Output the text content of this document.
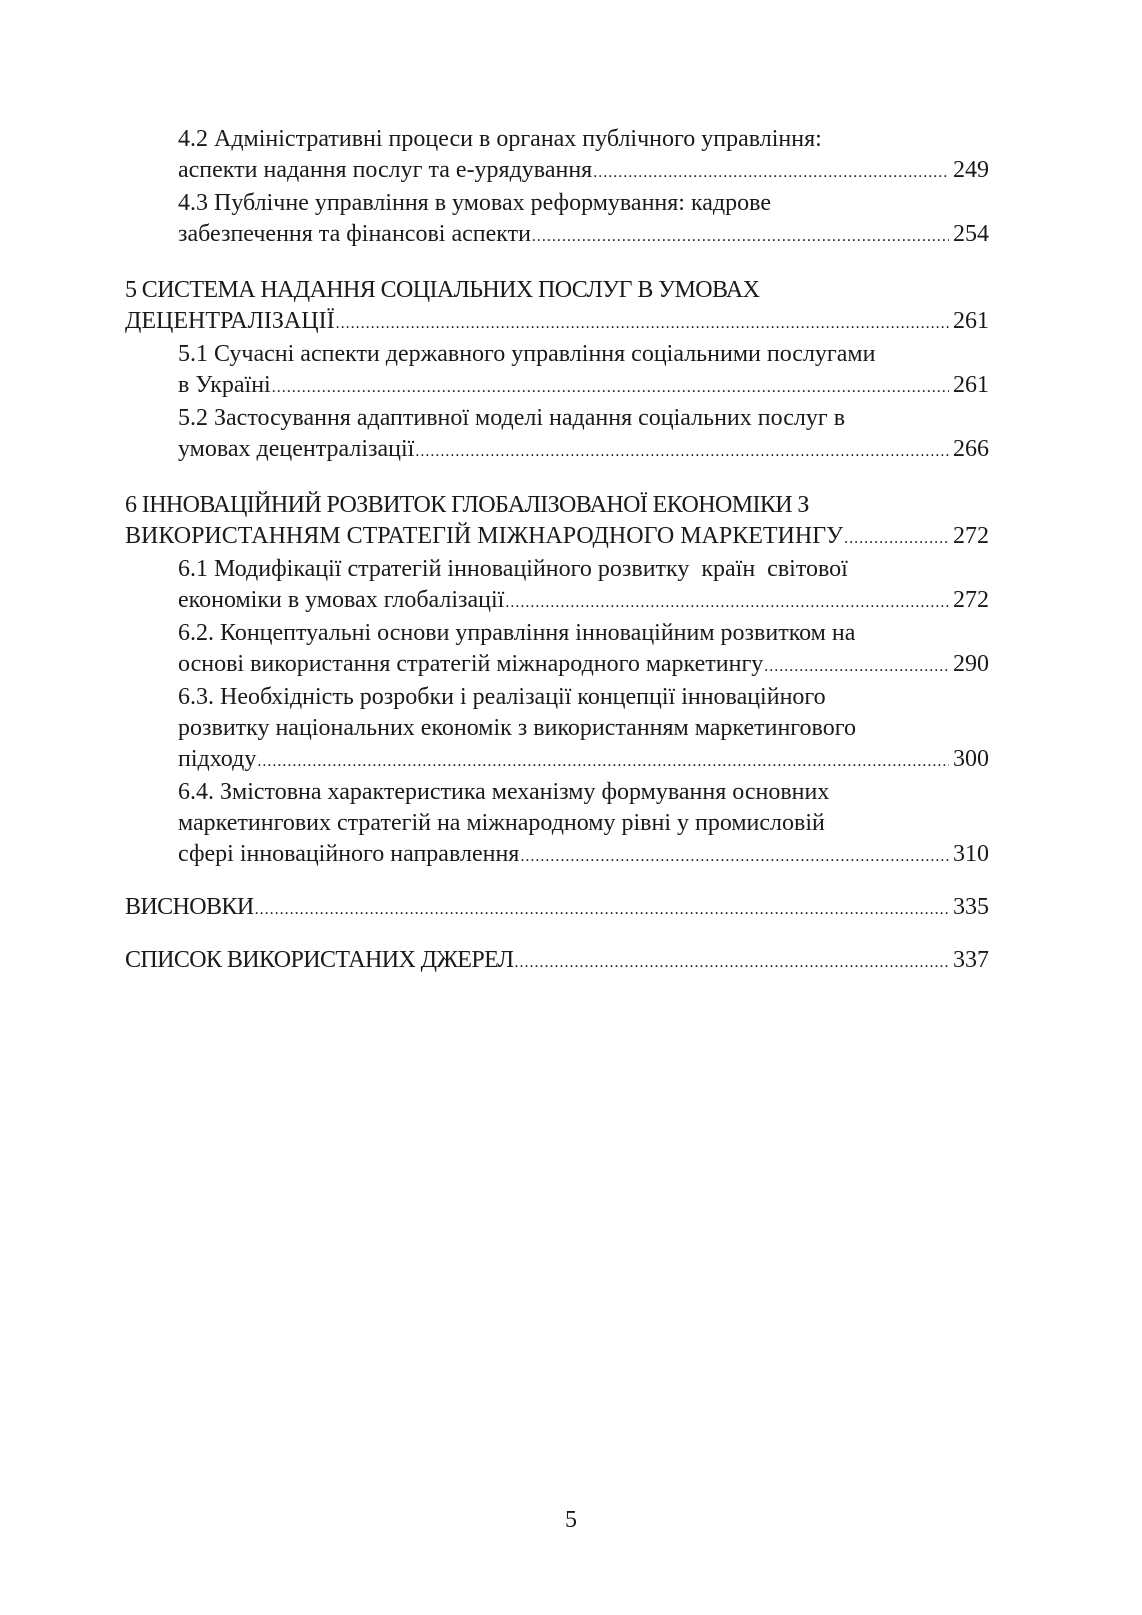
4.2 Адміністративні процеси в органах публічного управління:
аспекти надання послуг та е-урядування .....	249
4.3 Публічне управління в умовах реформування: кадрове
забезпечення та фінансові аспекти .....	254
5 СИСТЕМА НАДАННЯ СОЦІАЛЬНИХ ПОСЛУГ В УМОВАХ
ДЕЦЕНТРАЛІЗАЦІЇ .....	261
5.1 Сучасні аспекти державного управління соціальними послугами
в Україні .....	261
5.2 Застосування адаптивної моделі надання соціальних послуг в
умовах децентралізації .....	266
6 ІННОВАЦІЙНИЙ РОЗВИТОК ГЛОБАЛІЗОВАНОЇ ЕКОНОМІКИ З
ВИКОРИСТАННЯМ СТРАТЕГІЙ МІЖНАРОДНОГО МАРКЕТИНГУ .....	272
6.1 Модифікації стратегій інноваційного розвитку  країн  світової
економіки в умовах глобалізації .....	272
6.2. Концептуальні основи управління інноваційним розвитком на
основі використання стратегій міжнародного маркетингу .....	290
6.3. Необхідність розробки і реалізації концепції інноваційного
розвитку національних економік з використанням маркетингового
підходу .....	300
6.4. Змістовна характеристика механізму формування основних
маркетингових стратегій на міжнародному рівні у промисловій
сфері інноваційного направлення .....	310
ВИСНОВКИ .....	335
СПИСОК ВИКОРИСТАНИХ ДЖЕРЕЛ .....	337
5
